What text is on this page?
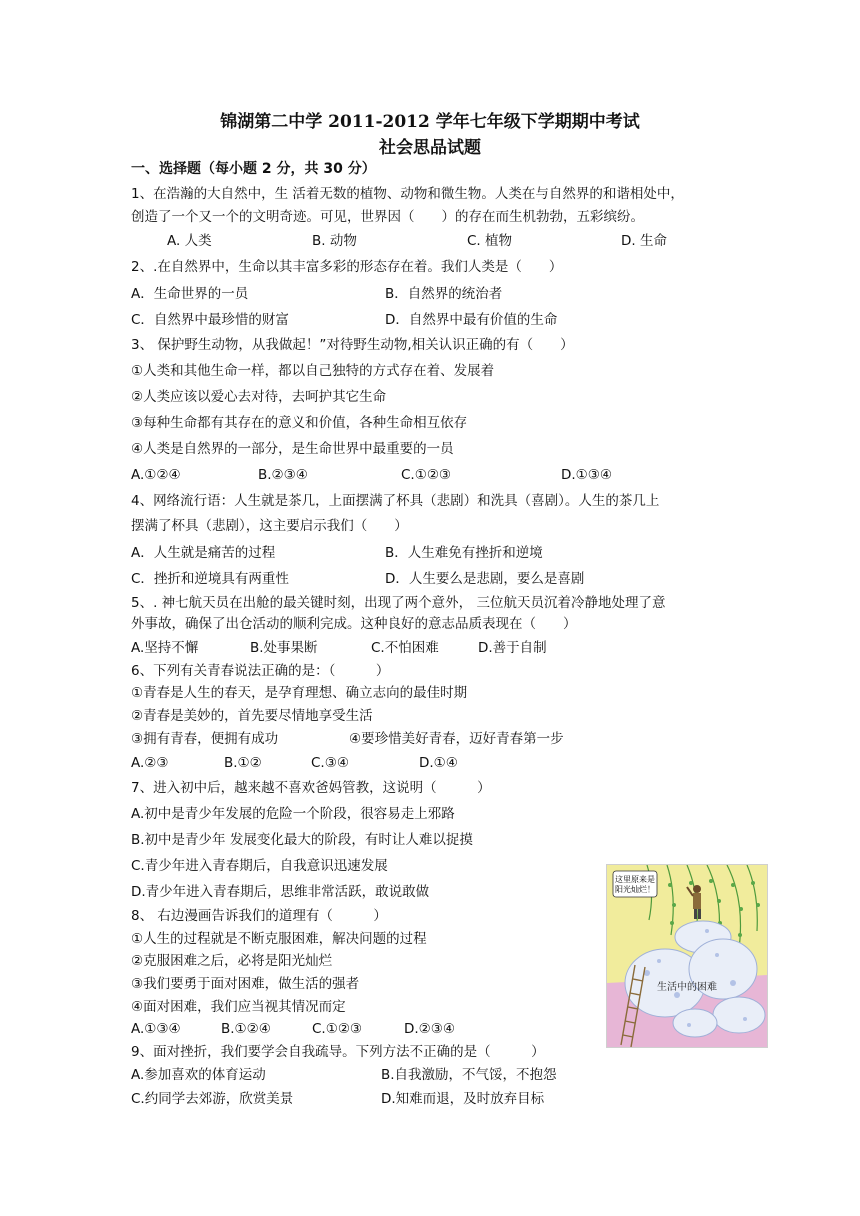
锦湖第二中学 2011-2012 学年七年级下学期期中考试
社会思品试题
一、选择题（每小题 2 分，共 30 分）
1、在浩瀚的大自然中，生 活着无数的植物、动物和微生物。人类在与自然界的和谐相处中，
创造了一个又一个的文明奇迹。可见，世界因（　　）的存在而生机勃勃，五彩缤纷。
A. 人类	B. 动物	C. 植物	D. 生命
2、.在自然界中，生命以其丰富多彩的形态存在着。我们人类是（　　）
A．生命世界的一员	B．自然界的统治者
C．自然界中最珍惜的财富	D．自然界中最有价值的生命
3、 保护野生动物，从我做起！”对待野生动物,相关认识正确的有（　　）
①人类和其他生命一样，都以自己独特的方式存在着、发展着
②人类应该以爱心去对待，去呵护其它生命
③每种生命都有其存在的意义和价值，各种生命相互依存
④人类是自然界的一部分，是生命世界中最重要的一员
A.①②④	B.②③④	C.①②③	D.①③④
4、网络流行语：人生就是茶几，上面摆满了杯具（悲剧）和洗具（喜剧）。人生的茶几上
摆满了杯具（悲剧），这主要启示我们（　　）
A．人生就是痛苦的过程	B．人生难免有挫折和逆境
C．挫折和逆境具有两重性	D．人生要么是悲剧，要么是喜剧
5、. 神七航天员在出舱的最关键时刻，出现了两个意外， 三位航天员沉着冷静地处理了意
外事故，确保了出仓活动的顺利完成。这种良好的意志品质表现在（　　）
A.坚持不懈	B.处事果断	C.不怕困难	D.善于自制
6、下列有关青春说法正确的是：（　　　）
①青春是人生的春天，是孕育理想、确立志向的最佳时期
②青春是美妙的，首先要尽情地享受生活
③拥有青春，便拥有成功	④要珍惜美好青春，迈好青春第一步
A.②③	B.①②	C.③④	D.①④
7、进入初中后，越来越不喜欢爸妈管教，这说明（　　　）
A.初中是青少年发展的危险一个阶段，很容易走上邪路
B.初中是青少年 发展变化最大的阶段，有时让人难以捉摸
C.青少年进入青春期后，自我意识迅速发展
D.青少年进入青春期后，思维非常活跃，敢说敢做
8、 右边漫画告诉我们的道理有（　　　）
①人生的过程就是不断克服困难，解决问题的过程
②克服困难之后，必将是阳光灿烂
③我们要勇于面对困难，做生活的强者
④面对困难，我们应当视其情况而定
A.①③④	B.①②④	C.①②③	D.②③④
9、面对挫折，我们要学会自我疏导。下列方法不正确的是（　　　）
A.参加喜欢的体育运动	B.自我激励，不气馁，不抱怨
C.约同学去郊游，欣赏美景	D.知难而退，及时放弃目标
这里原来是
阳光灿烂！
生活中的困难
